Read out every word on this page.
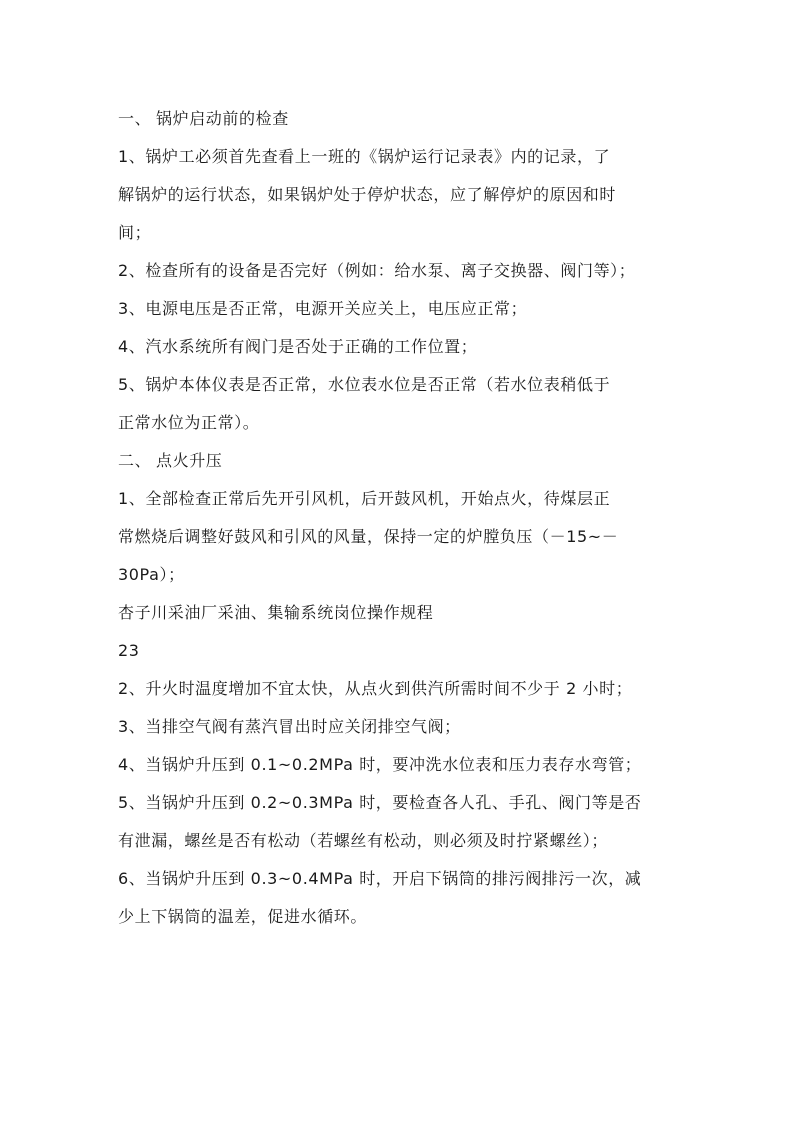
一、 锅炉启动前的检查
1、锅炉工必须首先查看上一班的《锅炉运行记录表》内的记录，了
解锅炉的运行状态，如果锅炉处于停炉状态，应了解停炉的原因和时
间；
2、检查所有的设备是否完好（例如：给水泵、离子交换器、阀门等）；
3、电源电压是否正常，电源开关应关上，电压应正常；
4、汽水系统所有阀门是否处于正确的工作位置；
5、锅炉本体仪表是否正常，水位表水位是否正常（若水位表稍低于
正常水位为正常）。
二、 点火升压
1、全部检查正常后先开引风机，后开鼓风机，开始点火，待煤层正
常燃烧后调整好鼓风和引风的风量，保持一定的炉膛负压（－15~－
30Pa）；
杏子川采油厂采油、集输系统岗位操作规程
23
2、升火时温度增加不宜太快，从点火到供汽所需时间不少于 2 小时；
3、当排空气阀有蒸汽冒出时应关闭排空气阀；
4、当锅炉升压到 0.1~0.2MPa 时，要冲洗水位表和压力表存水弯管；
5、当锅炉升压到 0.2~0.3MPa 时，要检查各人孔、手孔、阀门等是否
有泄漏，螺丝是否有松动（若螺丝有松动，则必须及时拧紧螺丝）；
6、当锅炉升压到 0.3~0.4MPa 时，开启下锅筒的排污阀排污一次，减
少上下锅筒的温差，促进水循环。
